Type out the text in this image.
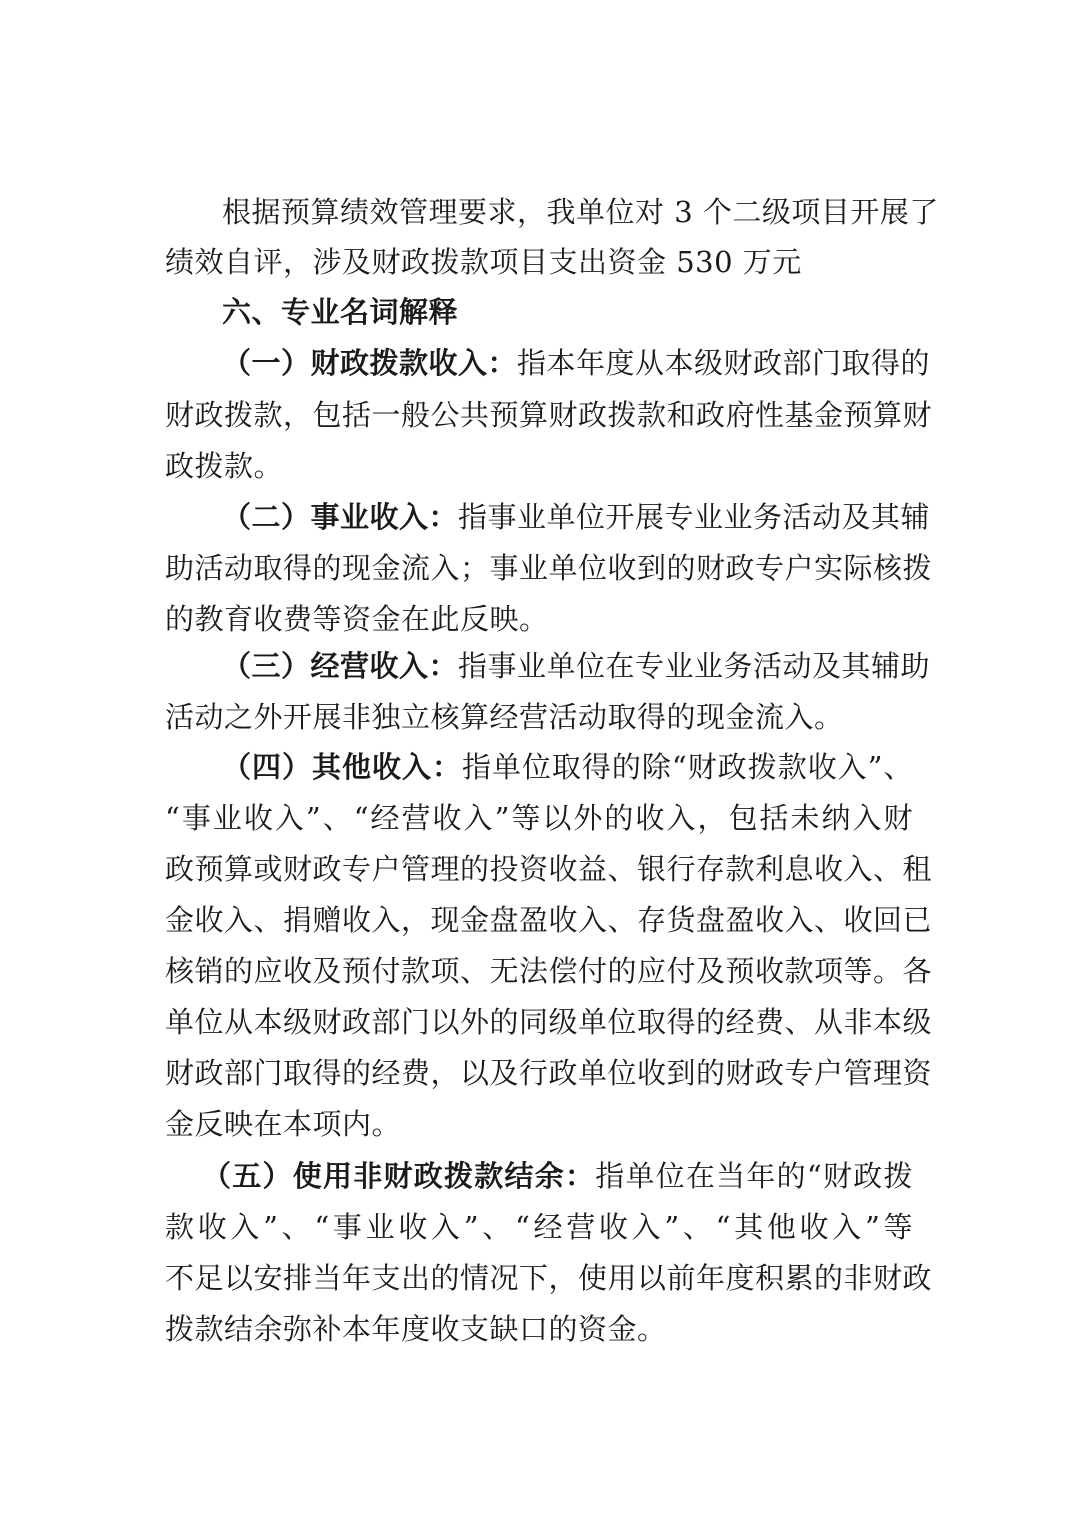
根据预算绩效管理要求，我单位对 3 个二级项目开展了
绩效自评，涉及财政拨款项目支出资金 530 万元
六、专业名词解释
（一）财政拨款收入：指本年度从本级财政部门取得的
财政拨款，包括一般公共预算财政拨款和政府性基金预算财
政拨款。
（二）事业收入：指事业单位开展专业业务活动及其辅
助活动取得的现金流入；事业单位收到的财政专户实际核拨
的教育收费等资金在此反映。
（三）经营收入：指事业单位在专业业务活动及其辅助
活动之外开展非独立核算经营活动取得的现金流入。
（四）其他收入：指单位取得的除“财政拨款收入”、
“事业收入”、“经营收入”等以外的收入，包括未纳入财
政预算或财政专户管理的投资收益、银行存款利息收入、租
金收入、捐赠收入，现金盘盈收入、存货盘盈收入、收回已
核销的应收及预付款项、无法偿付的应付及预收款项等。各
单位从本级财政部门以外的同级单位取得的经费、从非本级
财政部门取得的经费，以及行政单位收到的财政专户管理资
金反映在本项内。
（五）使用非财政拨款结余：指单位在当年的“财政拨
款收入”、“事业收入”、“经营收入”、“其他收入”等
不足以安排当年支出的情况下，使用以前年度积累的非财政
拨款结余弥补本年度收支缺口的资金。
